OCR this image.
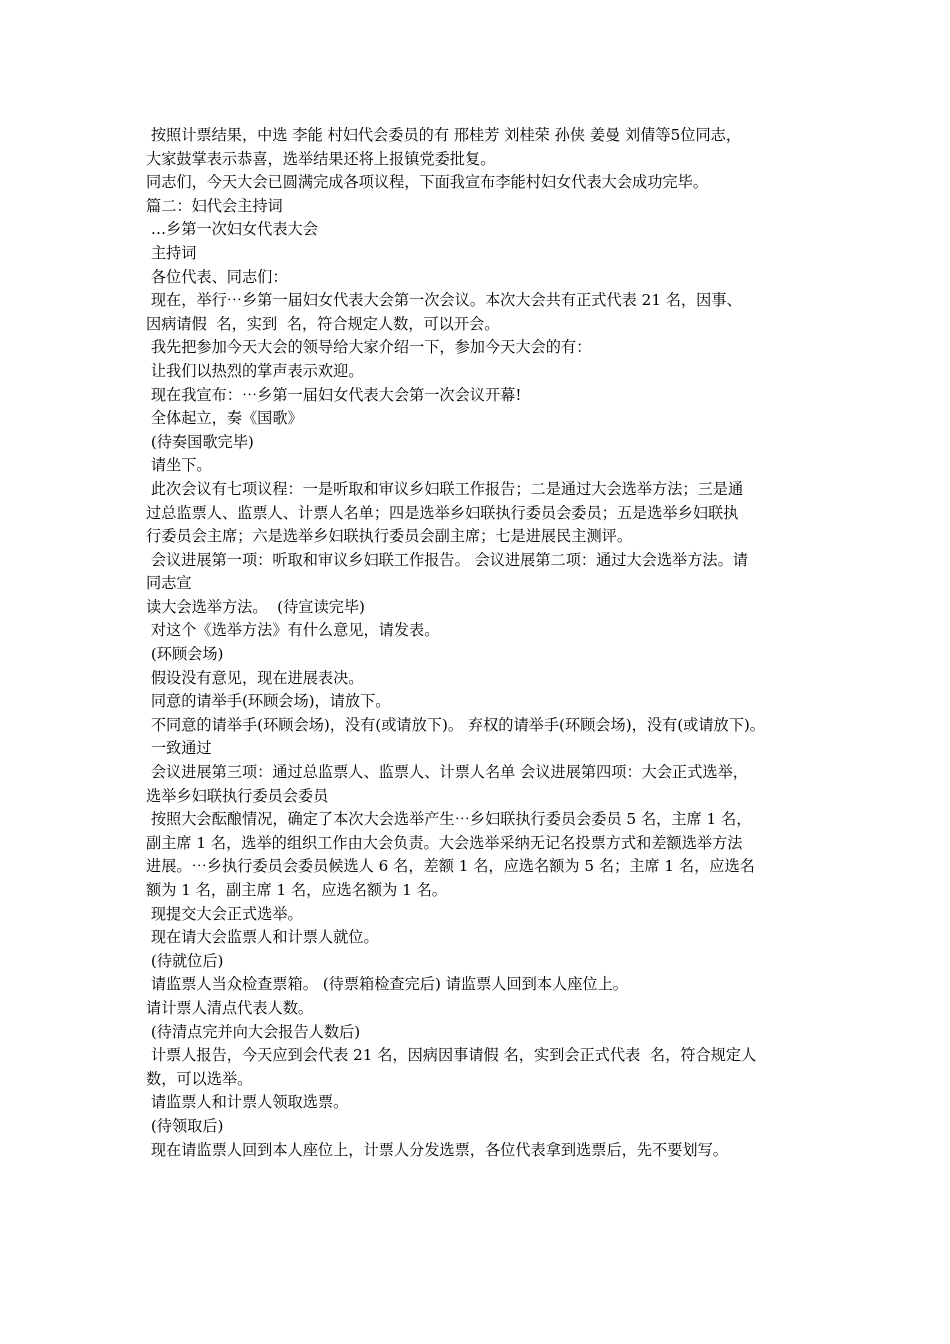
按照计票结果，中选 李能 村妇代会委员的有 邢桂芳 刘桂荣 孙侠 姜曼 刘倩等5位同志，
大家鼓掌表示恭喜，选举结果还将上报镇党委批复。
同志们，今天大会已圆满完成各项议程，下面我宣布李能村妇女代表大会成功完毕。
篇二：妇代会主持词
…乡第一次妇女代表大会
主持词
各位代表、同志们：
现在，举行⋯乡第一届妇女代表大会第一次会议。本次大会共有正式代表 21 名，因事、
因病请假  名，实到  名，符合规定人数，可以开会。
我先把参加今天大会的领导给大家介绍一下，参加今天大会的有：
让我们以热烈的掌声表示欢迎。
现在我宣布：⋯乡第一届妇女代表大会第一次会议开幕!
全体起立，奏《国歌》
(待奏国歌完毕)
请坐下。
此次会议有七项议程：一是听取和审议乡妇联工作报告；二是通过大会选举方法；三是通
过总监票人、监票人、计票人名单；四是选举乡妇联执行委员会委员；五是选举乡妇联执
行委员会主席；六是选举乡妇联执行委员会副主席；七是进展民主测评。
会议进展第一项：听取和审议乡妇联工作报告。 会议进展第二项：通过大会选举方法。请
同志宣
读大会选举方法。  (待宣读完毕)
对这个《选举方法》有什么意见，请发表。
(环顾会场)
假设没有意见，现在进展表决。
同意的请举手(环顾会场)，请放下。
不同意的请举手(环顾会场)，没有(或请放下)。 弃权的请举手(环顾会场)，没有(或请放下)。
一致通过
会议进展第三项：通过总监票人、监票人、计票人名单 会议进展第四项：大会正式选举，
选举乡妇联执行委员会委员
按照大会酝酿情况，确定了本次大会选举产生⋯乡妇联执行委员会委员 5 名，主席 1 名，
副主席 1 名，选举的组织工作由大会负责。大会选举采纳无记名投票方式和差额选举方法
进展。⋯乡执行委员会委员候选人 6 名，差额 1 名，应选名额为 5 名；主席 1 名，应选名
额为 1 名，副主席 1 名，应选名额为 1 名。
现提交大会正式选举。
现在请大会监票人和计票人就位。
(待就位后)
请监票人当众检查票箱。 (待票箱检查完后) 请监票人回到本人座位上。
请计票人清点代表人数。
(待清点完并向大会报告人数后)
计票人报告，今天应到会代表 21 名，因病因事请假 名，实到会正式代表  名，符合规定人
数，可以选举。
请监票人和计票人领取选票。
(待领取后)
现在请监票人回到本人座位上，计票人分发选票，各位代表拿到选票后，先不要划写。
